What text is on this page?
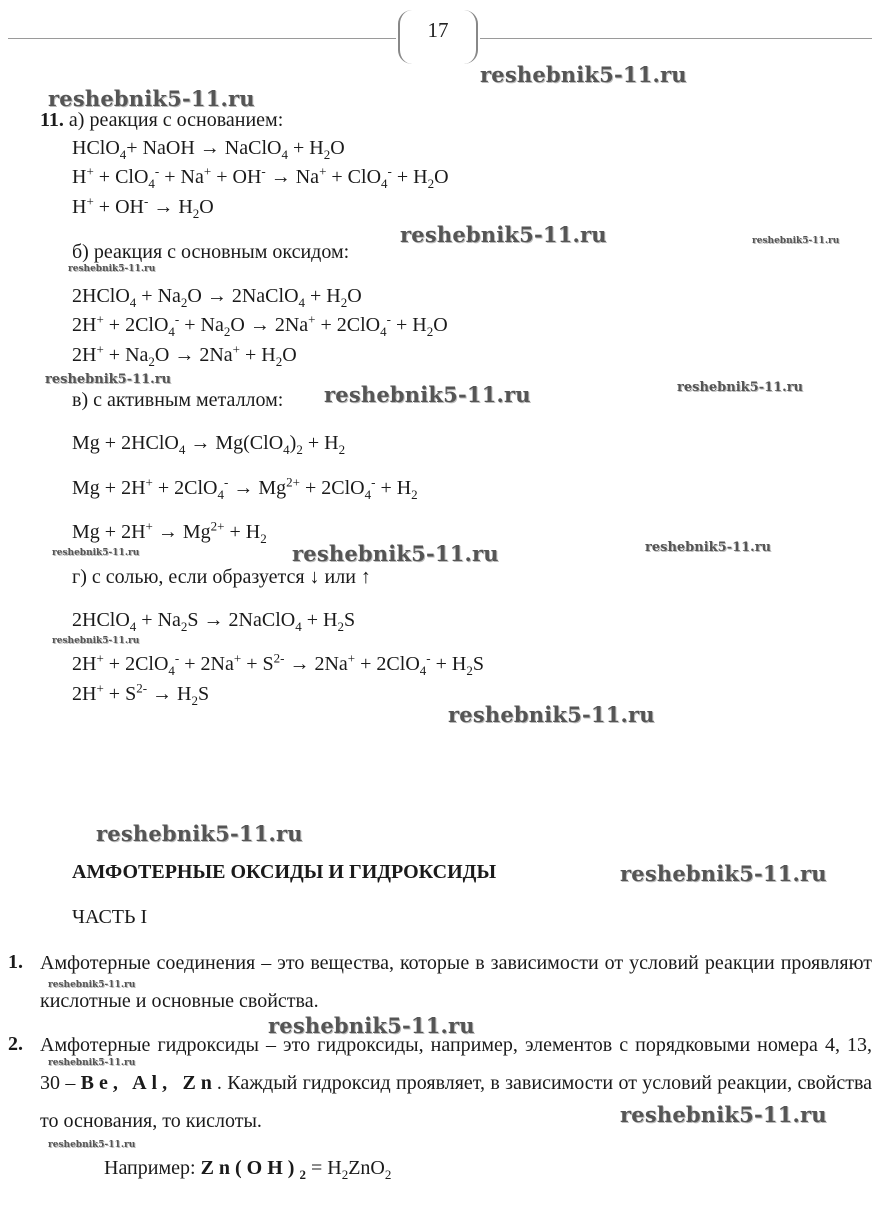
17
reshebnik5-11.ru
reshebnik5-11.ru
reshebnik5-11.ru	reshebnik5-11.ru
reshebnik5-11.ru
reshebnik5-11.ru
reshebnik5-11.ru	reshebnik5-11.ru
reshebnik5-11.ru	reshebnik5-11.ru	reshebnik5-11.ru
reshebnik5-11.ru
reshebnik5-11.ru
reshebnik5-11.ru
reshebnik5-11.ru
reshebnik5-11.ru
reshebnik5-11.ru
reshebnik5-11.ru
reshebnik5-11.ru
reshebnik5-11.ru
11. а) реакция с основанием:
HClO$_4$+ NaOH → NaClO$_4$ + $H_2O$
$H^+ + ClO_4^- + Na^+ + OH^- \to Na^+ + ClO_4^- + H_2O$
$H^+ + OH^- \to H_2O$
б) реакция с основным оксидом:
2HClO$_4$ + $Na_2O$ → 2NaClO$_4$ + $H_2O$
$2H^+ + 2ClO_4^- + Na_2O \to 2Na^+ + 2ClO_4^- + H_2O$
$2H^+ + Na_2O \to 2Na^+ + H_2O$
в) с активным металлом:
Mg + 2HClO$_4$ → $Mg(ClO_4)_2 + H_2$
$Mg + 2H^+ + 2ClO_4^- \to Mg^{2+} + 2ClO_4^- + H_2$
$Mg + 2H^+ \to Mg^{2+} + H_2$
г) с солью, если образуется ↓ или ↑
2HClO$_4$ + $Na_2S$ → 2NaClO$_4$ + $H_2S$
$2H^+ + 2ClO_4^- + 2Na^+ + S^{2-} \to 2Na^+ + 2ClO_4^- + H_2S$
$2H^+ + S^{2-} \to H_2S$
АМФОТЕРНЫЕ ОКСИДЫ И ГИДРОКСИДЫ
ЧАСТЬ I
1. Амфотерные соединения – это вещества, которые в зависимости от условий реакции проявляют кислотные и основные свойства.
2. Амфотерные гидроксиды – это гидроксиды, например, элементов с порядковыми номера 4, 13, 30 – Be, Al, Zn. Каждый гидроксид проявляет, в зависимости от условий реакции, свойства то основания, то кислоты.
Например: $Zn(OH)_2 = H_2ZnO_2$
